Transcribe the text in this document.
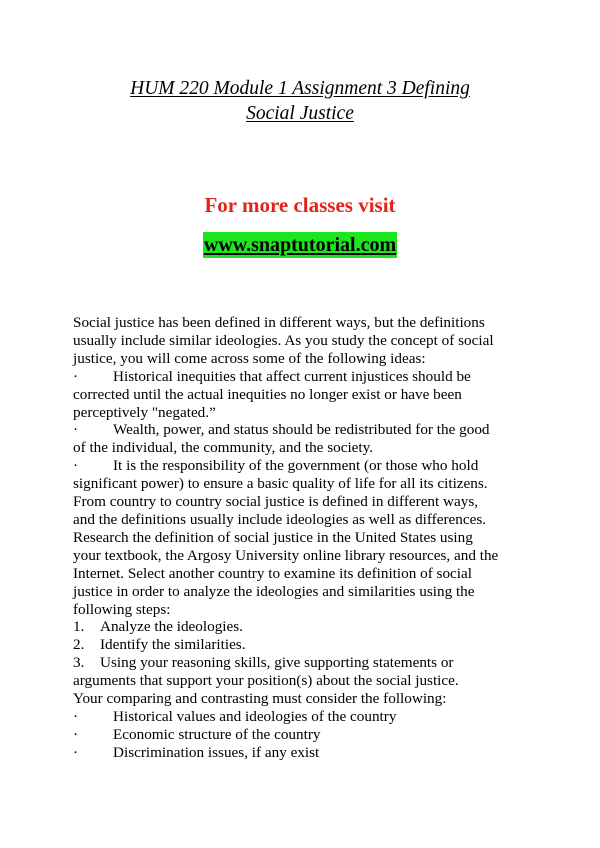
HUM 220 Module 1 Assignment 3 Defining
Social Justice
For more classes visit
www.snaptutorial.com
Social justice has been defined in different ways, but the definitions
usually include similar ideologies. As you study the concept of social
justice, you will come across some of the following ideas:
· Historical inequities that affect current injustices should be
corrected until the actual inequities no longer exist or have been
perceptively "negated.”
· Wealth, power, and status should be redistributed for the good
of the individual, the community, and the society.
· It is the responsibility of the government (or those who hold
significant power) to ensure a basic quality of life for all its citizens.
From country to country social justice is defined in different ways,
and the definitions usually include ideologies as well as differences.
Research the definition of social justice in the United States using
your textbook, the Argosy University online library resources, and the
Internet. Select another country to examine its definition of social
justice in order to analyze the ideologies and similarities using the
following steps:
1. Analyze the ideologies.
2. Identify the similarities.
3. Using your reasoning skills, give supporting statements or
arguments that support your position(s) about the social justice.
Your comparing and contrasting must consider the following:
· Historical values and ideologies of the country
· Economic structure of the country
· Discrimination issues, if any exist
